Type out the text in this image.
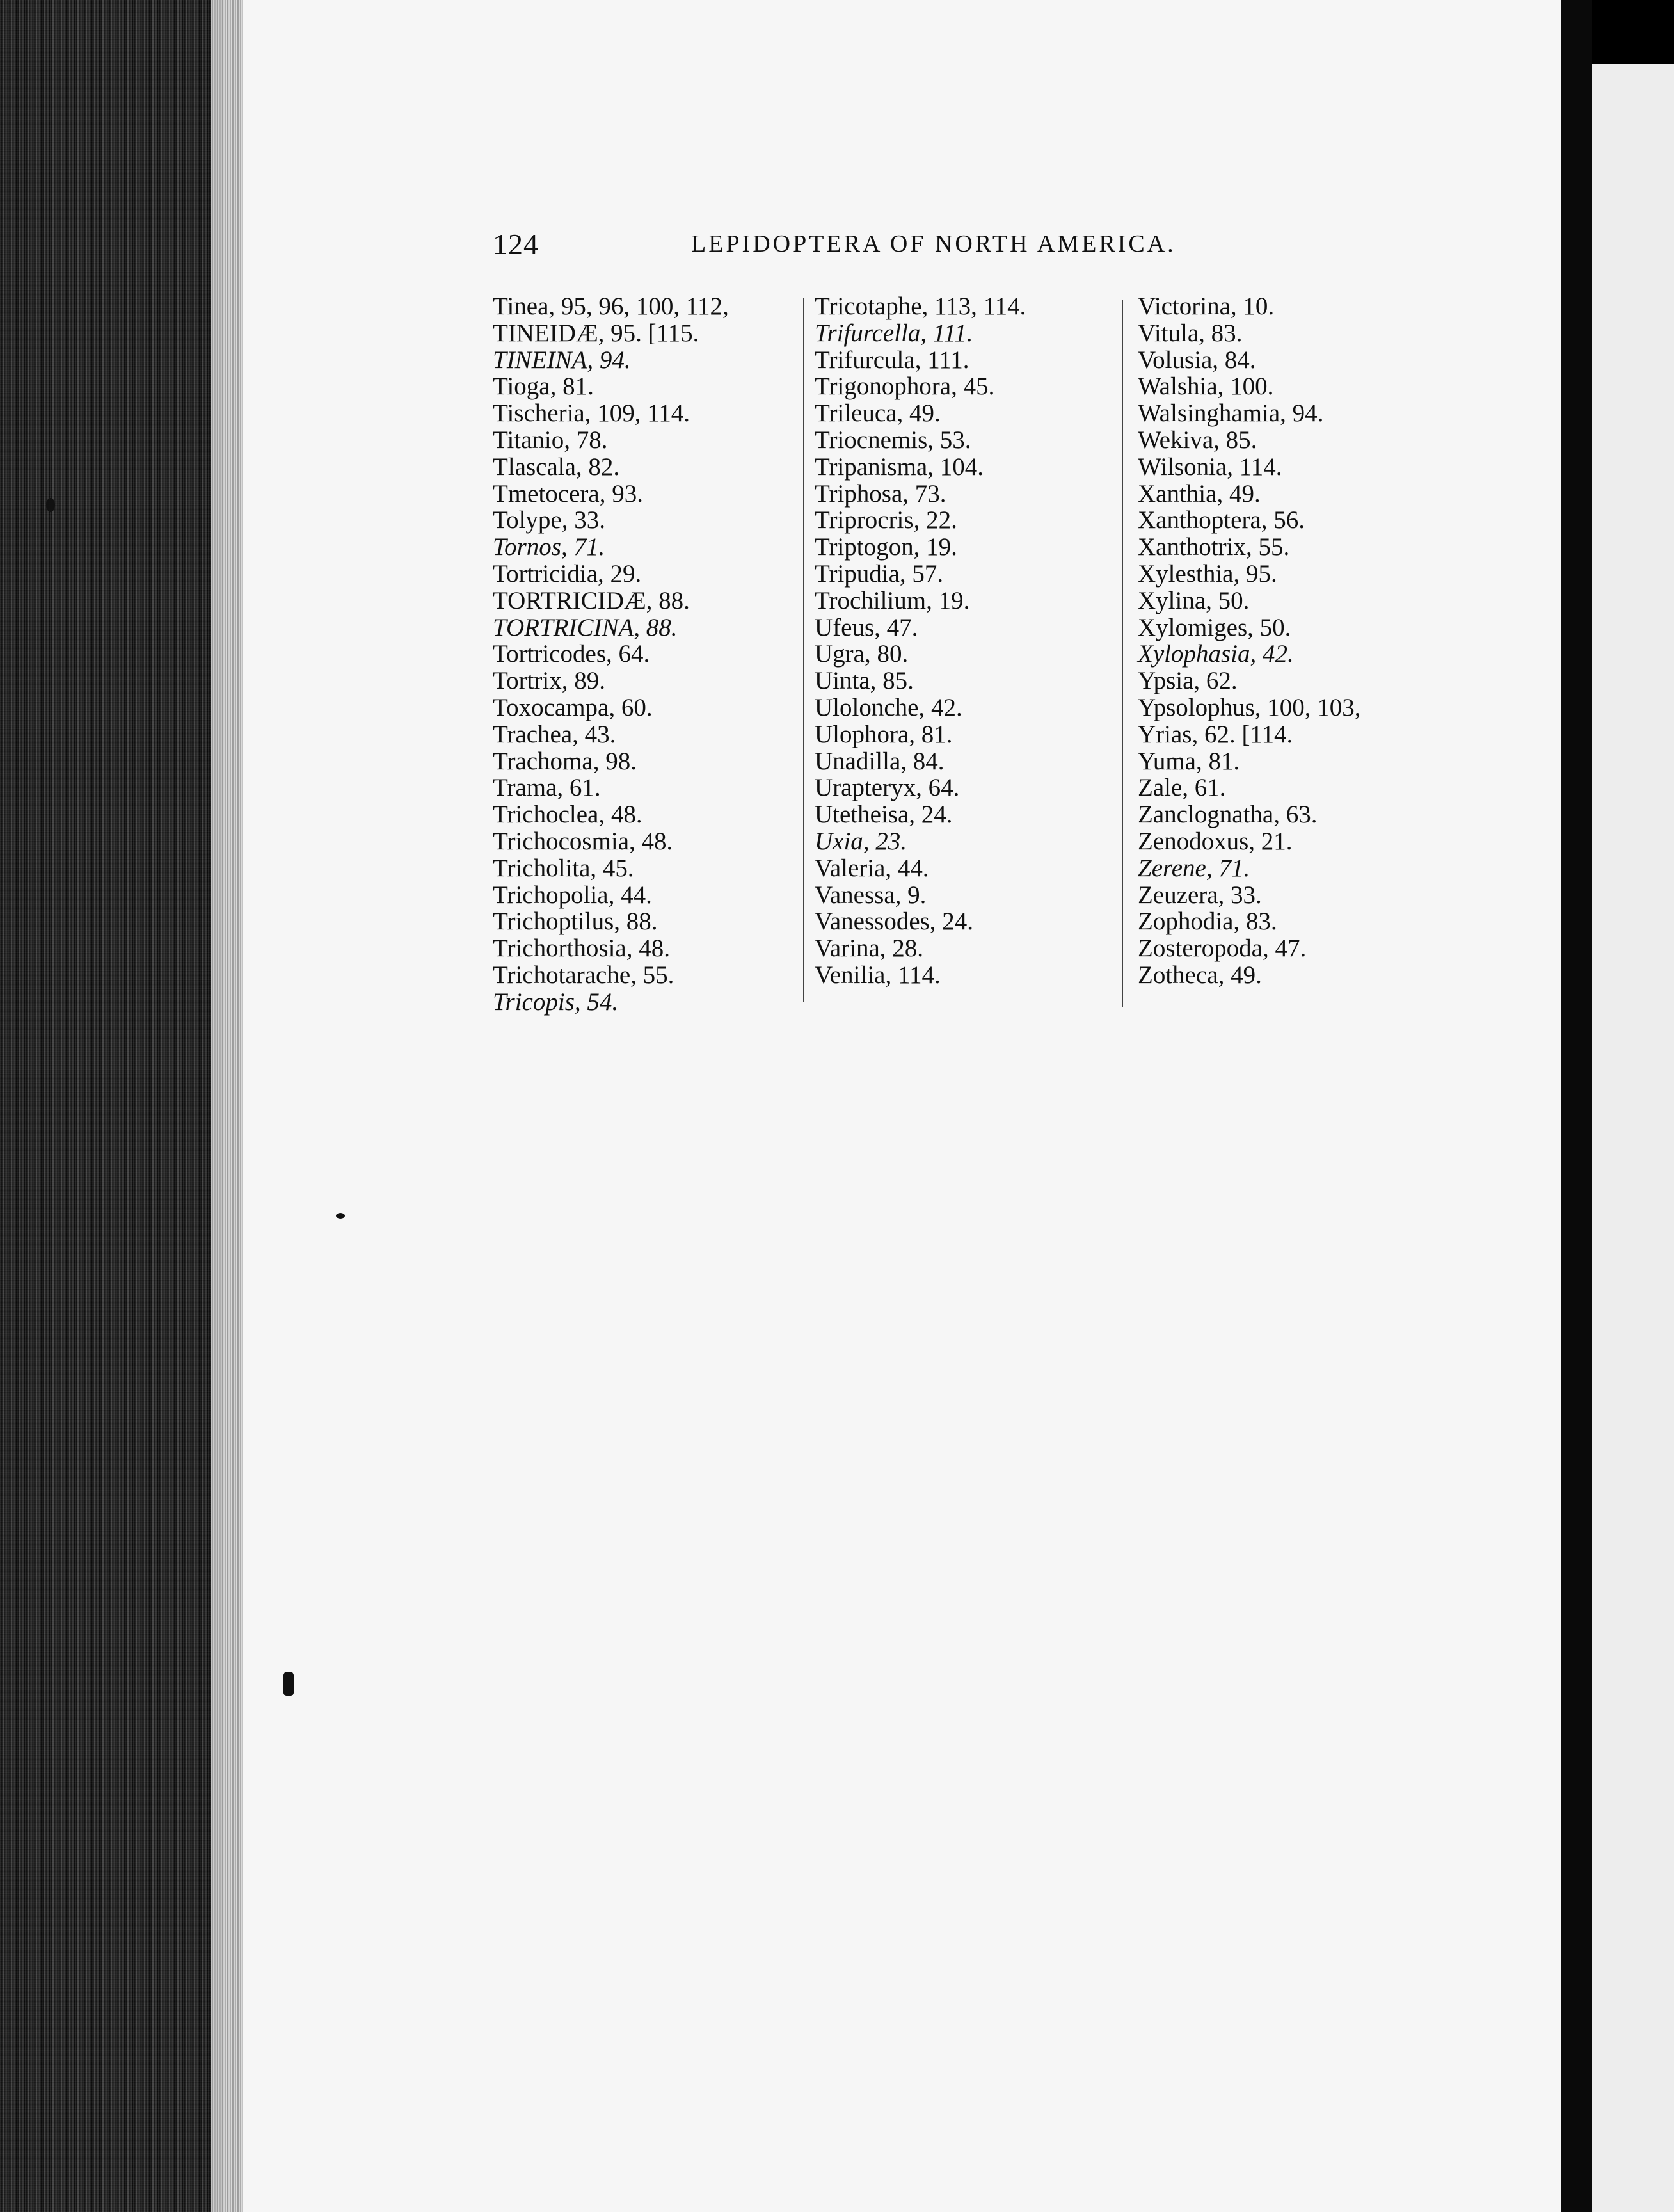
124	LEPIDOPTERA OF NORTH AMERICA.
Tinea, 95, 96, 100, 112,
TINEIDÆ, 95. [115.
TINEINA, 94.
Tioga, 81.
Tischeria, 109, 114.
Titanio, 78.
Tlascala, 82.
Tmetocera, 93.
Tolype, 33.
Tornos, 71.
Tortricidia, 29.
TORTRICIDÆ, 88.
TORTRICINA, 88.
Tortricodes, 64.
Tortrix, 89.
Toxocampa, 60.
Trachea, 43.
Trachoma, 98.
Trama, 61.
Trichoclea, 48.
Trichocosmia, 48.
Tricholita, 45.
Trichopolia, 44.
Trichoptilus, 88.
Trichorthosia, 48.
Trichotarache, 55.
Tricopis, 54.
Tricotaphe, 113, 114.
Trifurcella, 111.
Trifurcula, 111.
Trigonophora, 45.
Trileuca, 49.
Triocnemis, 53.
Tripanisma, 104.
Triphosa, 73.
Triprocris, 22.
Triptogon, 19.
Tripudia, 57.
Trochilium, 19.
Ufeus, 47.
Ugra, 80.
Uinta, 85.
Ulolonche, 42.
Ulophora, 81.
Unadilla, 84.
Urapteryx, 64.
Utetheisa, 24.
Uxia, 23.
Valeria, 44.
Vanessa, 9.
Vanessodes, 24.
Varina, 28.
Venilia, 114.
Victorina, 10.
Vitula, 83.
Volusia, 84.
Walshia, 100.
Walsinghamia, 94.
Wekiva, 85.
Wilsonia, 114.
Xanthia, 49.
Xanthoptera, 56.
Xanthotrix, 55.
Xylesthia, 95.
Xylina, 50.
Xylomiges, 50.
Xylophasia, 42.
Ypsia, 62.
Ypsolophus, 100, 103,
Yrias, 62. [114.
Yuma, 81.
Zale, 61.
Zanclognatha, 63.
Zenodoxus, 21.
Zerene, 71.
Zeuzera, 33.
Zophodia, 83.
Zosteropoda, 47.
Zotheca, 49.
